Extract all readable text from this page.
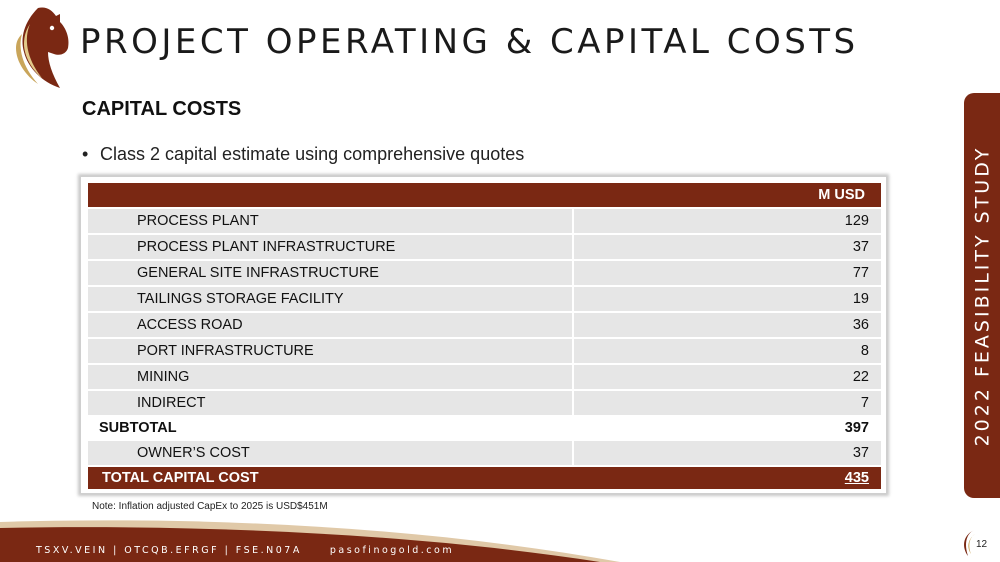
PROJECT OPERATING & CAPITAL COSTS
CAPITAL COSTS
• Class 2 capital estimate using comprehensive quotes	2022 FEASIBILITY STUDY
	M USD
PROCESS PLANT	129
PROCESS PLANT INFRASTRUCTURE	37
GENERAL SITE INFRASTRUCTURE	77
TAILINGS STORAGE FACILITY	19
ACCESS ROAD	36
PORT INFRASTRUCTURE	8
MINING	22
INDIRECT	7
SUBTOTAL	397
OWNER’S COST	37
TOTAL CAPITAL COST	435
Note: Inflation adjusted CapEx to 2025 is USD$451M
TSXV.VEIN | OTCQB.EFRGF | FSE.N07A	pasofinogold.com
12
